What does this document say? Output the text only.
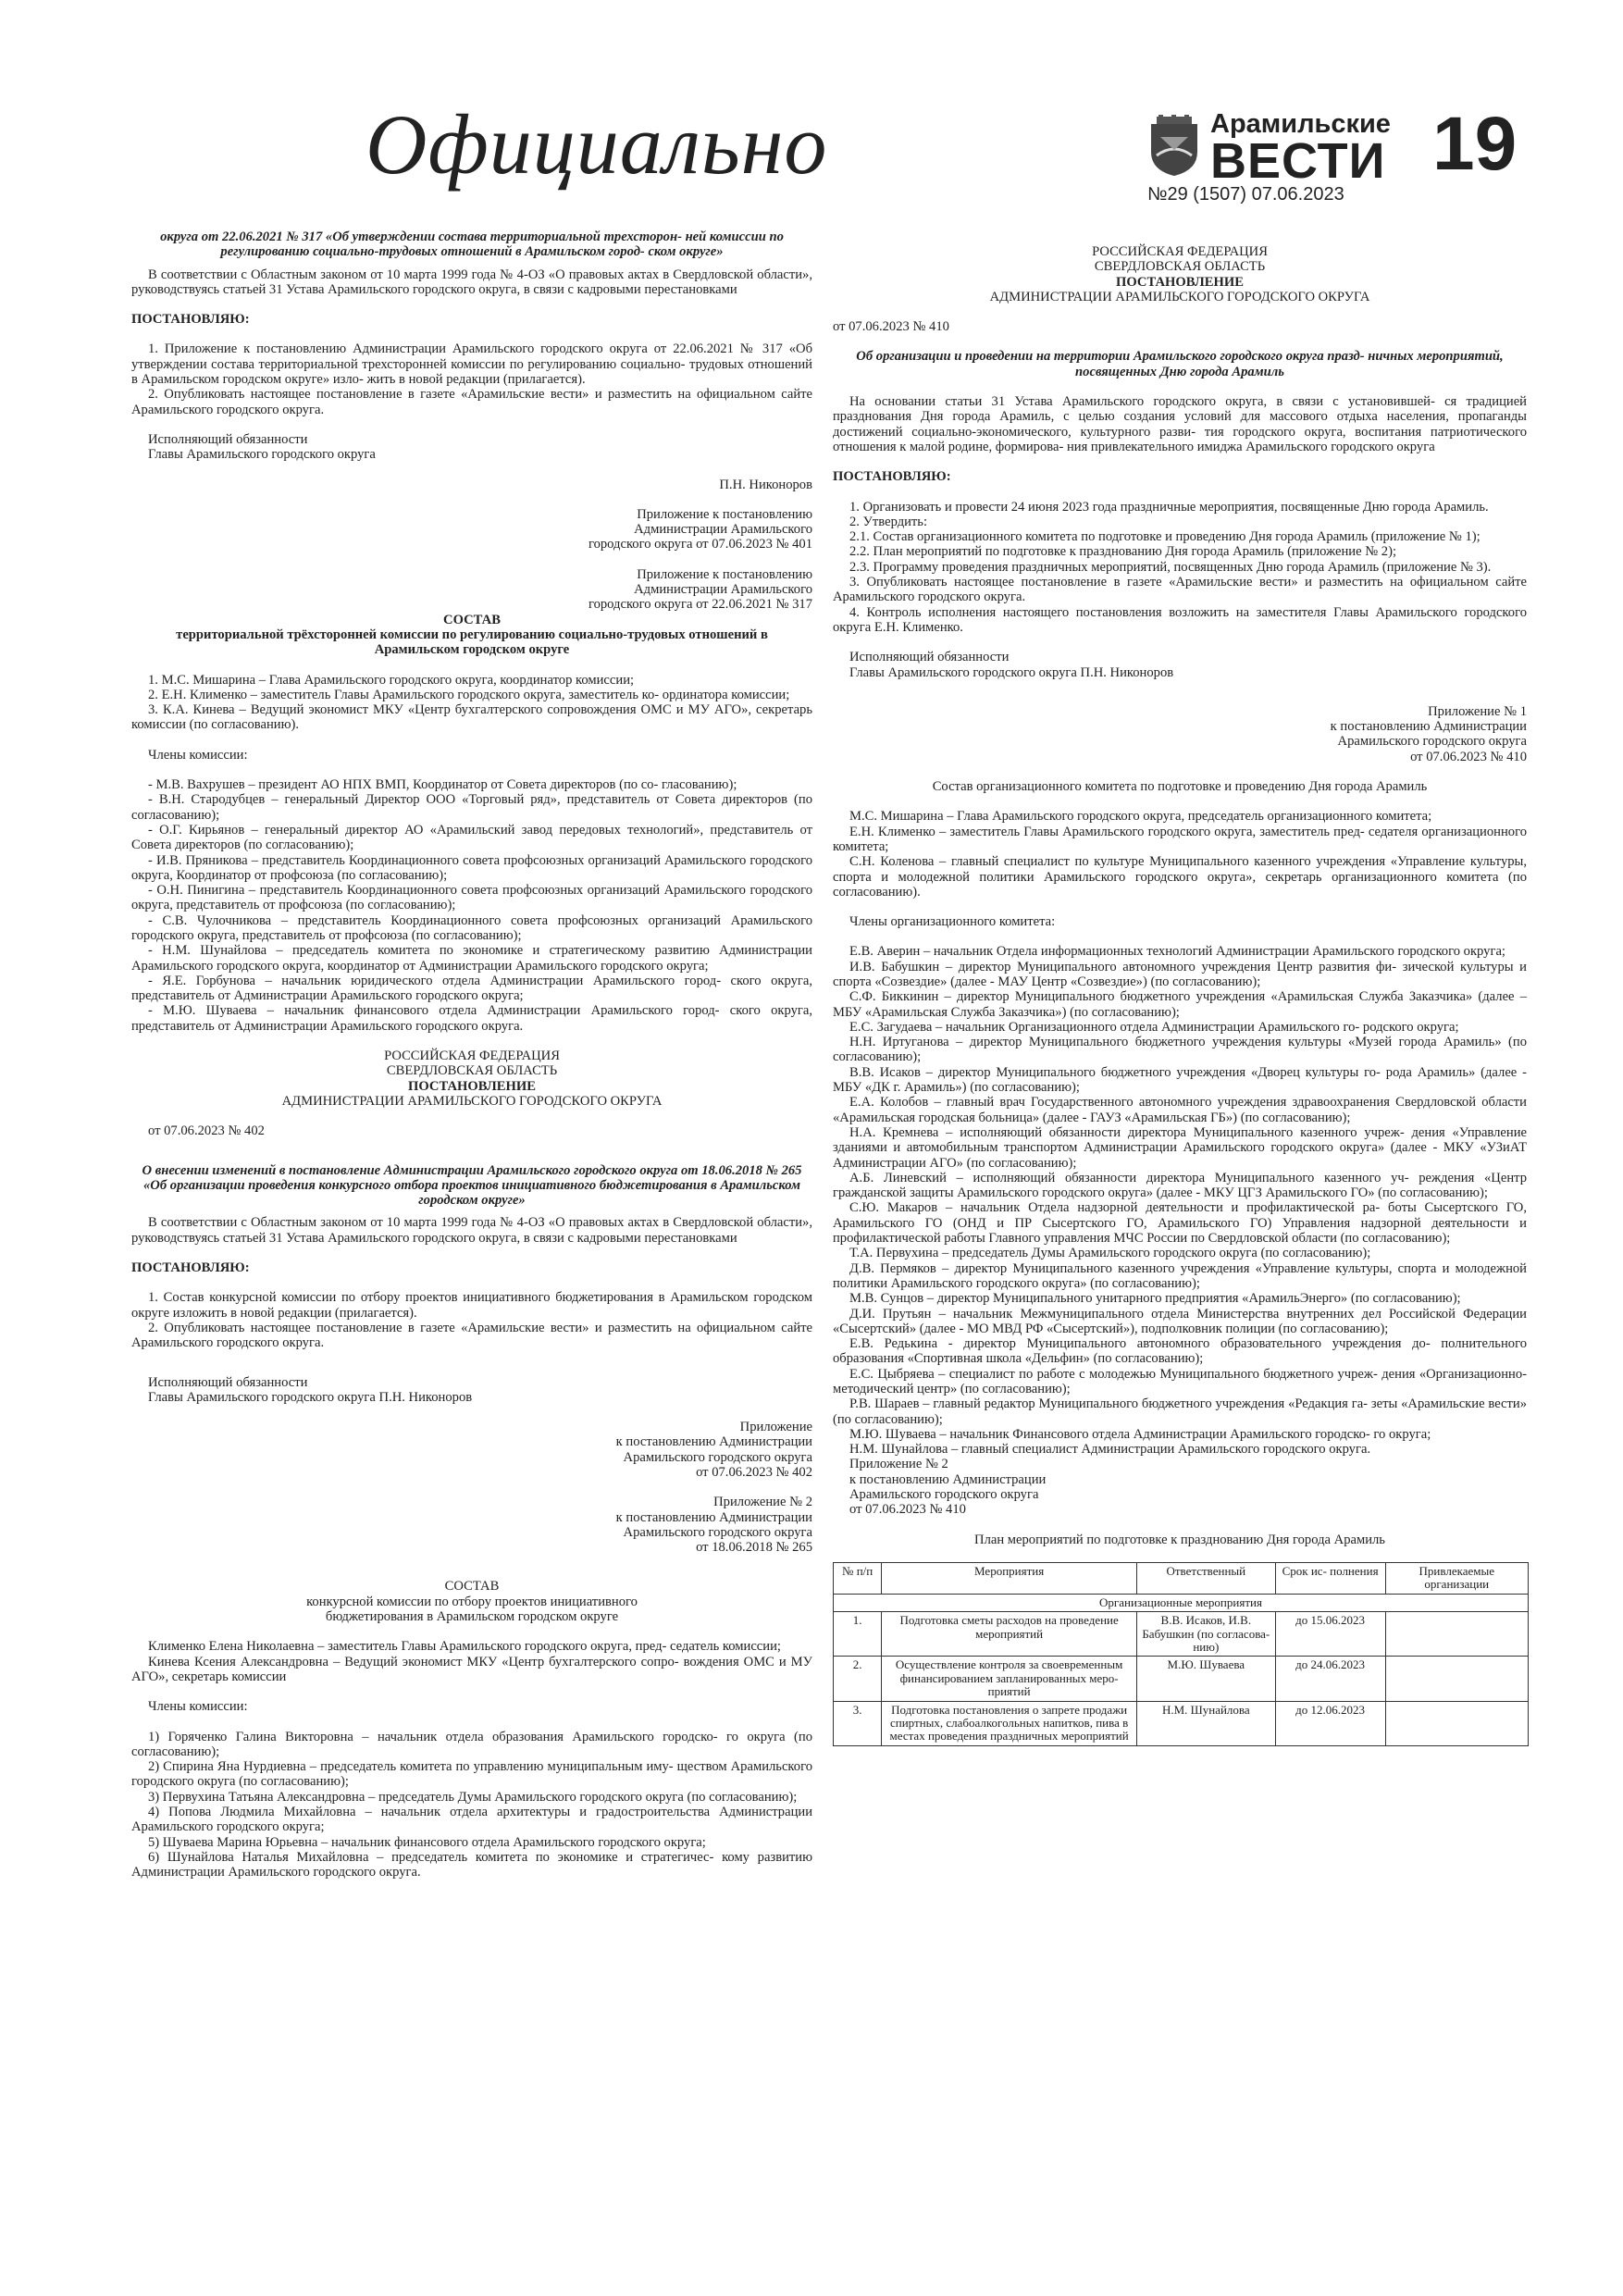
Официально	Арамильские
ВЕСТИ 19
№29 (1507) 07.06.2023

округа от 22.06.2021 № 317 «Об утверждении состава территориальной трехсторон- ней комиссии по регулированию социально-трудовых отношений в Арамильском город- ском округе»

В соответствии с Областным законом от 10 марта 1999 года № 4-ОЗ «О правовых актах в Свердловской области», руководствуясь статьей 31 Устава Арамильского городского округа, в связи с кадровыми перестановками

ПОСТАНОВЛЯЮ:

1. Приложение к постановлению Администрации Арамильского городского округа от 22.06.2021 № 317 «Об утверждении состава территориальной трехсторонней комиссии по регулированию социально- трудовых отношений в Арамильском городском округе» изло- жить в новой редакции (прилагается).

2. Опубликовать настоящее постановление в газете «Арамильские вести» и разместить на официальном сайте Арамильского городского округа.

Исполняющий обязанности

Главы Арамильского городского округа

П.Н. Никоноров

Приложение к постановлению

Администрации Арамильского

городского округа от 07.06.2023 № 401

Приложение к постановлению

Администрации Арамильского

городского округа от 22.06.2021 № 317

СОСТАВ

территориальной трёхсторонней комиссии по регулированию социально-трудовых отношений в Арамильском городском округе

1. М.С. Мишарина – Глава Арамильского городского округа, координатор комиссии;

2. Е.Н. Клименко – заместитель Главы Арамильского городского округа, заместитель ко- ординатора комиссии;

3. К.А. Кинева – Ведущий экономист МКУ «Центр бухгалтерского сопровождения ОМС и МУ АГО», секретарь комиссии (по согласованию).

Члены комиссии:

- М.В. Вахрушев – президент АО НПХ ВМП, Координатор от Совета директоров (по со- гласованию);

- В.Н. Стародубцев – генеральный Директор ООО «Торговый ряд», представитель от Совета директоров (по согласованию);

- О.Г. Кирьянов – генеральный директор АО «Арамильский завод передовых технологий», представитель от Совета директоров (по согласованию);

- И.В. Пряникова – представитель Координационного совета профсоюзных организаций Арамильского городского округа, Координатор от профсоюза (по согласованию);

- О.Н. Пинигина – представитель Координационного совета профсоюзных организаций Арамильского городского округа, представитель от профсоюза (по согласованию);

- С.В. Чулочникова – представитель Координационного совета профсоюзных организаций Арамильского городского округа, представитель от профсоюза (по согласованию);

- Н.М. Шунайлова – председатель комитета по экономике и стратегическому развитию Администрации Арамильского городского округа, координатор от Администрации Арамильского городского округа;

- Я.Е. Горбунова – начальник юридического отдела Администрации Арамильского город- ского округа, представитель от Администрации Арамильского городского округа;

- М.Ю. Шуваева – начальник финансового отдела Администрации Арамильского город- ского округа, представитель от Администрации Арамильского городского округа.

РОССИЙСКАЯ ФЕДЕРАЦИЯ

СВЕРДЛОВСКАЯ ОБЛАСТЬ

ПОСТАНОВЛЕНИЕ

АДМИНИСТРАЦИИ АРАМИЛЬСКОГО ГОРОДСКОГО ОКРУГА

от 07.06.2023 № 402

О внесении изменений в постановление Администрации Арамильского городского округа от 18.06.2018 № 265 «Об организации проведения конкурсного отбора проектов инициативного бюджетирования в Арамильском городском округе»

В соответствии с Областным законом от 10 марта 1999 года № 4-ОЗ «О правовых актах в Свердловской области», руководствуясь статьей 31 Устава Арамильского городского округа, в связи с кадровыми перестановками

ПОСТАНОВЛЯЮ:

1. Состав конкурсной комиссии по отбору проектов инициативного бюджетирования в Арамильском городском округе изложить в новой редакции (прилагается).

2. Опубликовать настоящее постановление в газете «Арамильские вести» и разместить на официальном сайте Арамильского городского округа.

Исполняющий обязанности

Главы Арамильского городского округа П.Н. Никоноров

Приложение

к постановлению Администрации

Арамильского городского округа

от 07.06.2023 № 402

Приложение № 2

к постановлению Администрации

Арамильского городского округа

от 18.06.2018 № 265

СОСТАВ

конкурсной комиссии по отбору проектов инициативного

бюджетирования в Арамильском городском округе

Клименко Елена Николаевна – заместитель Главы Арамильского городского округа, пред- седатель комиссии;

Кинева Ксения Александровна – Ведущий экономист МКУ «Центр бухгалтерского сопро- вождения ОМС и МУ АГО», секретарь комиссии

Члены комиссии:

1) Горяченко Галина Викторовна – начальник отдела образования Арамильского городско- го округа (по согласованию);

2) Спирина Яна Нурдиевна – председатель комитета по управлению муниципальным иму- ществом Арамильского городского округа (по согласованию);

3) Первухина Татьяна Александровна – председатель Думы Арамильского городского округа (по согласованию);

4) Попова Людмила Михайловна – начальник отдела архитектуры и градостроительства Администрации Арамильского городского округа;

5) Шуваева Марина Юрьевна – начальник финансового отдела Арамильского городского округа;

6) Шунайлова Наталья Михайловна – председатель комитета по экономике и стратегичес- кому развитию Администрации Арамильского городского округа.

РОССИЙСКАЯ ФЕДЕРАЦИЯ

СВЕРДЛОВСКАЯ ОБЛАСТЬ

ПОСТАНОВЛЕНИЕ

АДМИНИСТРАЦИИ АРАМИЛЬСКОГО ГОРОДСКОГО ОКРУГА

от 07.06.2023 № 410

Об организации и проведении на территории Арамильского городского округа празд- ничных мероприятий, посвященных Дню города Арамиль

На основании статьи 31 Устава Арамильского городского округа, в связи с установившей- ся традицией празднования Дня города Арамиль, с целью создания условий для массового отдыха населения, пропаганды достижений социально-экономического, культурного разви- тия городского округа, воспитания патриотического отношения к малой родине, формирова- ния привлекательного имиджа Арамильского городского округа

ПОСТАНОВЛЯЮ:

1. Организовать и провести 24 июня 2023 года праздничные мероприятия, посвященные Дню города Арамиль.

2. Утвердить:

2.1. Состав организационного комитета по подготовке и проведению Дня города Арамиль (приложение № 1);

2.2. План мероприятий по подготовке к празднованию Дня города Арамиль (приложение № 2);

2.3. Программу проведения праздничных мероприятий, посвященных Дню города Арамиль (приложение № 3).

3. Опубликовать настоящее постановление в газете «Арамильские вести» и разместить на официальном сайте Арамильского городского округа.

4. Контроль исполнения настоящего постановления возложить на заместителя Главы Арамильского городского округа Е.Н. Клименко.

Исполняющий обязанности

Главы Арамильского городского округа П.Н. Никоноров

Приложение № 1

к постановлению Администрации

Арамильского городского округа

от 07.06.2023 № 410

Состав организационного комитета по подготовке и проведению Дня города Арамиль

М.С. Мишарина – Глава Арамильского городского округа, председатель организационного комитета;

Е.Н. Клименко – заместитель Главы Арамильского городского округа, заместитель пред- седателя организационного комитета;

С.Н. Коленова – главный специалист по культуре Муниципального казенного учреждения «Управление культуры, спорта и молодежной политики Арамильского городского округа», секретарь организационного комитета (по согласованию).

Члены организационного комитета:

Е.В. Аверин – начальник Отдела информационных технологий Администрации Арамильского городского округа;

И.В. Бабушкин – директор Муниципального автономного учреждения Центр развития фи- зической культуры и спорта «Созвездие» (далее - МАУ Центр «Созвездие») (по согласованию);

С.Ф. Биккинин – директор Муниципального бюджетного учреждения «Арамильская Служба Заказчика» (далее – МБУ «Арамильская Служба Заказчика») (по согласованию);

Е.С. Загудаева – начальник Организационного отдела Администрации Арамильского го- родского округа;

Н.Н. Иртуганова – директор Муниципального бюджетного учреждения культуры «Музей города Арамиль» (по согласованию);

В.В. Исаков – директор Муниципального бюджетного учреждения «Дворец культуры го- рода Арамиль» (далее - МБУ «ДК г. Арамиль») (по согласованию);

Е.А. Колобов – главный врач Государственного автономного учреждения здравоохранения Свердловской области «Арамильская городская больница» (далее - ГАУЗ «Арамильская ГБ») (по согласованию);

Н.А. Кремнева – исполняющий обязанности директора Муниципального казенного учреж- дения «Управление зданиями и автомобильным транспортом Администрации Арамильского городского округа» (далее - МКУ «УЗиАТ Администрации АГО» (по согласованию);

А.Б. Линевский – исполняющий обязанности директора Муниципального казенного уч- реждения «Центр гражданской защиты Арамильского городского округа» (далее - МКУ ЦГЗ Арамильского ГО» (по согласованию);

С.Ю. Макаров – начальник Отдела надзорной деятельности и профилактической ра- боты Сысертского ГО, Арамильского ГО (ОНД и ПР Сысертского ГО, Арамильского ГО) Управления надзорной деятельности и профилактической работы Главного управления МЧС России по Свердловской области (по согласованию);

Т.А. Первухина – председатель Думы Арамильского городского округа (по согласованию);

Д.В. Пермяков – директор Муниципального казенного учреждения «Управление культуры, спорта и молодежной политики Арамильского городского округа» (по согласованию);

М.В. Сунцов – директор Муниципального унитарного предприятия «АрамильЭнерго» (по согласованию);

Д.И. Прутьян – начальник Межмуниципального отдела Министерства внутренних дел Российской Федерации «Сысертский» (далее - МО МВД РФ «Сысертский»), подполковник полиции (по согласованию);

Е.В. Редькина - директор Муниципального автономного образовательного учреждения до- полнительного образования «Спортивная школа «Дельфин» (по согласованию);

Е.С. Цыбряева – специалист по работе с молодежью Муниципального бюджетного учреж- дения «Организационно-методический центр» (по согласованию);

Р.В. Шараев – главный редактор Муниципального бюджетного учреждения «Редакция га- зеты «Арамильские вести» (по согласованию);

М.Ю. Шуваева – начальник Финансового отдела Администрации Арамильского городско- го округа;

Н.М. Шунайлова – главный специалист Администрации Арамильского городского округа.

Приложение № 2

к постановлению Администрации

Арамильского городского округа

от 07.06.2023 № 410

План мероприятий по подготовке к празднованию Дня города Арамиль

№ п/п	Мероприятия	Ответственный	Срок ис- полнения	Привлекаемые организации
Организационные мероприятия				
1.	Подготовка сметы расходов на проведение мероприятий	В.В. Исаков, И.В. Бабушкин (по согласова- нию)	до 15.06.2023	
2.	Осуществление контроля за своевременным финансированием запланированных меро- приятий	М.Ю. Шуваева	до 24.06.2023	
3.	Подготовка постановления о запрете продажи спиртных, слабоалкогольных напитков, пива в местах проведения праздничных мероприятий	Н.М. Шунайлова	до 12.06.2023	
